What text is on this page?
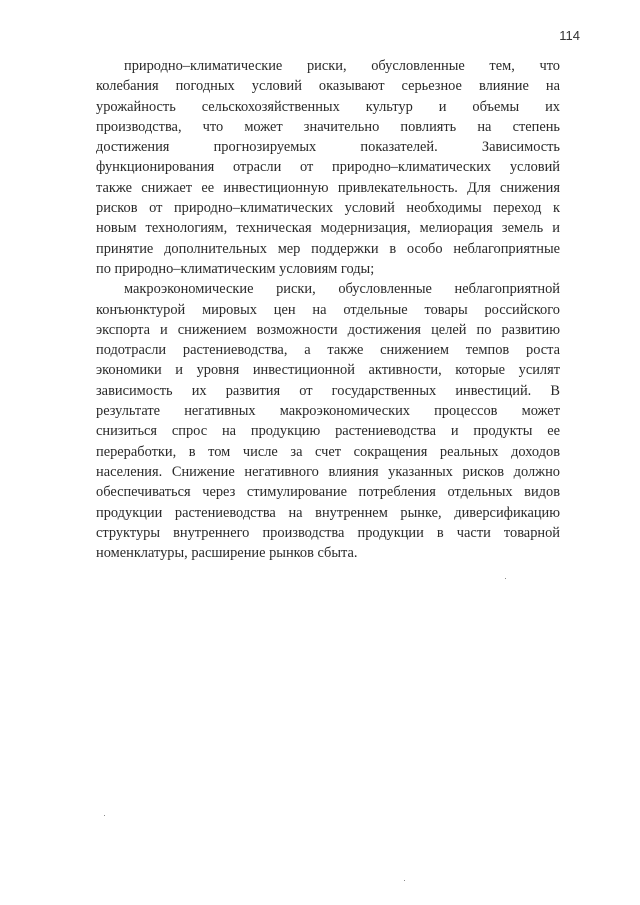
114

природно–климатические риски, обусловленные тем, что
колебания погодных условий оказывают серьезное влияние на
урожайность сельскохозяйственных культур и объемы их
производства, что может значительно повлиять на степень
достижения прогнозируемых показателей. Зависимость
функционирования отрасли от природно–климатических условий
также снижает ее инвестиционную привлекательность. Для снижения
рисков от природно–климатических условий необходимы переход к
новым технологиям, техническая модернизация, мелиорация земель и
принятие дополнительных мер поддержки в особо неблагоприятные
по природно–климатическим условиям годы;

макроэкономические риски, обусловленные неблагоприятной
конъюнктурой мировых цен на отдельные товары российского
экспорта и снижением возможности достижения целей по развитию
подотрасли растениеводства, а также снижением темпов роста
экономики и уровня инвестиционной активности, которые усилят
зависимость их развития от государственных инвестиций. В
результате негативных макроэкономических процессов может
снизиться спрос на продукцию растениеводства и продукты ее
переработки, в том числе за счет сокращения реальных доходов
населения. Снижение негативного влияния указанных рисков должно
обеспечиваться через стимулирование потребления отдельных видов
продукции растениеводства на внутреннем рынке, диверсификацию
структуры внутреннего производства продукции в части товарной
номенклатуры, расширение рынков сбыта.
